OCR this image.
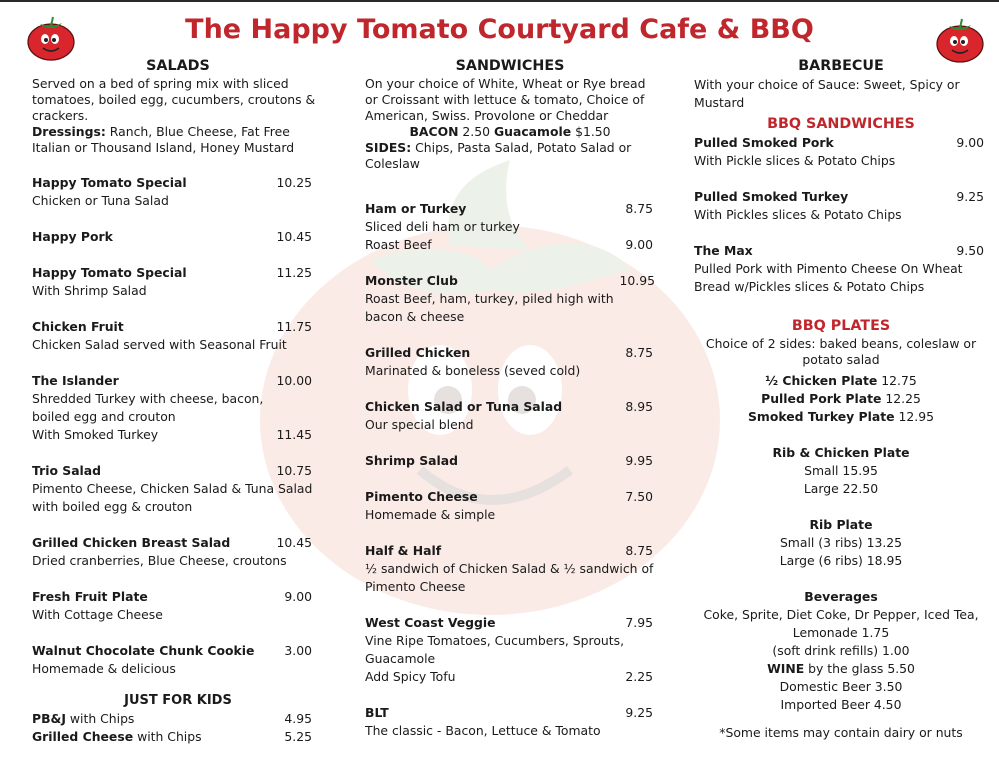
The Happy Tomato Courtyard Cafe & BBQ
SALADS
Served on a bed of spring mix with sliced tomatoes, boiled egg, cucumbers, croutons & crackers.
Dressings: Ranch, Blue Cheese, Fat Free Italian or Thousand Island, Honey Mustard
Happy Tomato Special	10.25
Chicken or Tuna Salad
Happy Pork	10.45
Happy Tomato Special	11.25
With Shrimp Salad
Chicken Fruit	11.75
Chicken Salad served with Seasonal Fruit
The Islander	10.00
Shredded Turkey with cheese, bacon, boiled egg and crouton
With Smoked Turkey	11.45
Trio Salad	10.75
Pimento Cheese, Chicken Salad & Tuna Salad with boiled egg & crouton
Grilled Chicken Breast Salad	10.45
Dried cranberries, Blue Cheese, croutons
Fresh Fruit Plate	9.00
With Cottage Cheese
Walnut Chocolate Chunk Cookie 3.00
Homemade & delicious
JUST FOR KIDS
PB&J with Chips	4.95
Grilled Cheese with Chips	5.25
SANDWICHES
On your choice of White, Wheat or Rye bread or Croissant with lettuce & tomato, Choice of American, Swiss. Provolone or Cheddar
BACON 2.50 Guacamole $1.50
SIDES: Chips, Pasta Salad, Potato Salad or Coleslaw
Ham or Turkey	8.75
Sliced deli ham or turkey
Roast Beef	9.00
Monster Club	10.95
Roast Beef, ham, turkey, piled high with bacon & cheese
Grilled Chicken	8.75
Marinated & boneless (seved cold)
Chicken Salad or Tuna Salad	8.95
Our special blend
Shrimp Salad	9.95
Pimento Cheese	7.50
Homemade & simple
Half & Half	8.75
½ sandwich of Chicken Salad & ½ sandwich of Pimento Cheese
West Coast Veggie	7.95
Vine Ripe Tomatoes, Cucumbers, Sprouts, Guacamole
Add Spicy Tofu	2.25
BLT	9.25
The classic - Bacon, Lettuce & Tomato
BARBECUE
With your choice of Sauce: Sweet, Spicy or Mustard
BBQ SANDWICHES
Pulled Smoked Pork	9.00
With Pickle slices & Potato Chips
Pulled Smoked Turkey	9.25
With Pickles slices & Potato Chips
The Max	9.50
Pulled Pork with Pimento Cheese On Wheat Bread w/Pickles slices & Potato Chips
BBQ PLATES
Choice of 2 sides: baked beans, coleslaw or potato salad
½ Chicken Plate 12.75
Pulled Pork Plate 12.25
Smoked Turkey Plate 12.95
Rib & Chicken Plate
Small 15.95
Large 22.50
Rib Plate
Small (3 ribs) 13.25
Large (6 ribs) 18.95
Beverages
Coke, Sprite, Diet Coke, Dr Pepper, Iced Tea, Lemonade 1.75
(soft drink refills) 1.00
WINE by the glass 5.50
Domestic Beer 3.50
Imported Beer 4.50
*Some items may contain dairy or nuts
